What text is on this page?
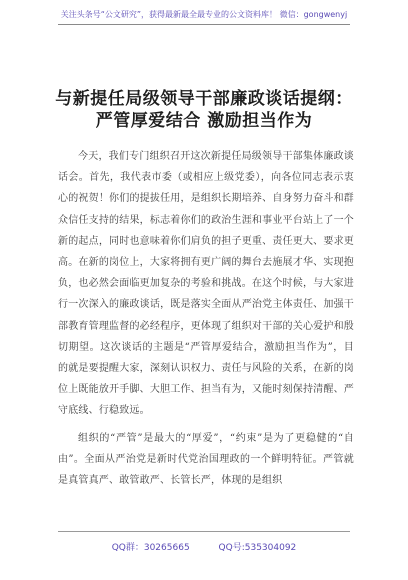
关注头条号“公文研究”，获得最新最全最专业的公文资料库！ 微信：gongwenyj
与新提任局级领导干部廉政谈话提纲：
严管厚爱结合 激励担当作为

今天，我们专门组织召开这次新提任局级领导干部集体廉政谈话会。首先，我代表市委（或相应上级党委），向各位同志表示衷心的祝贺！你们的提拔任用，是组织长期培养、自身努力奋斗和群众信任支持的结果，标志着你们的政治生涯和事业平台站上了一个新的起点，同时也意味着你们肩负的担子更重、责任更大、要求更高。在新的岗位上，大家将拥有更广阔的舞台去施展才华、实现抱负，也必然会面临更加复杂的考验和挑战。在这个时候，与大家进行一次深入的廉政谈话，既是落实全面从严治党主体责任、加强干部教育管理监督的必经程序，更体现了组织对干部的关心爱护和殷切期望。这次谈话的主题是“严管厚爱结合，激励担当作为”，目的就是要提醒大家，深刻认识权力、责任与风险的关系，在新的岗位上既能放开手脚、大胆工作、担当有为，又能时刻保持清醒、严守底线、行稳致远。

组织的“严管”是最大的“厚爱”，“约束”是为了更稳健的“自由”。全面从严治党是新时代党治国理政的一个鲜明特征。严管就是真管真严、敢管敢严、长管长严，体现的是组织

QQ群：30265665	QQ号:535304092
